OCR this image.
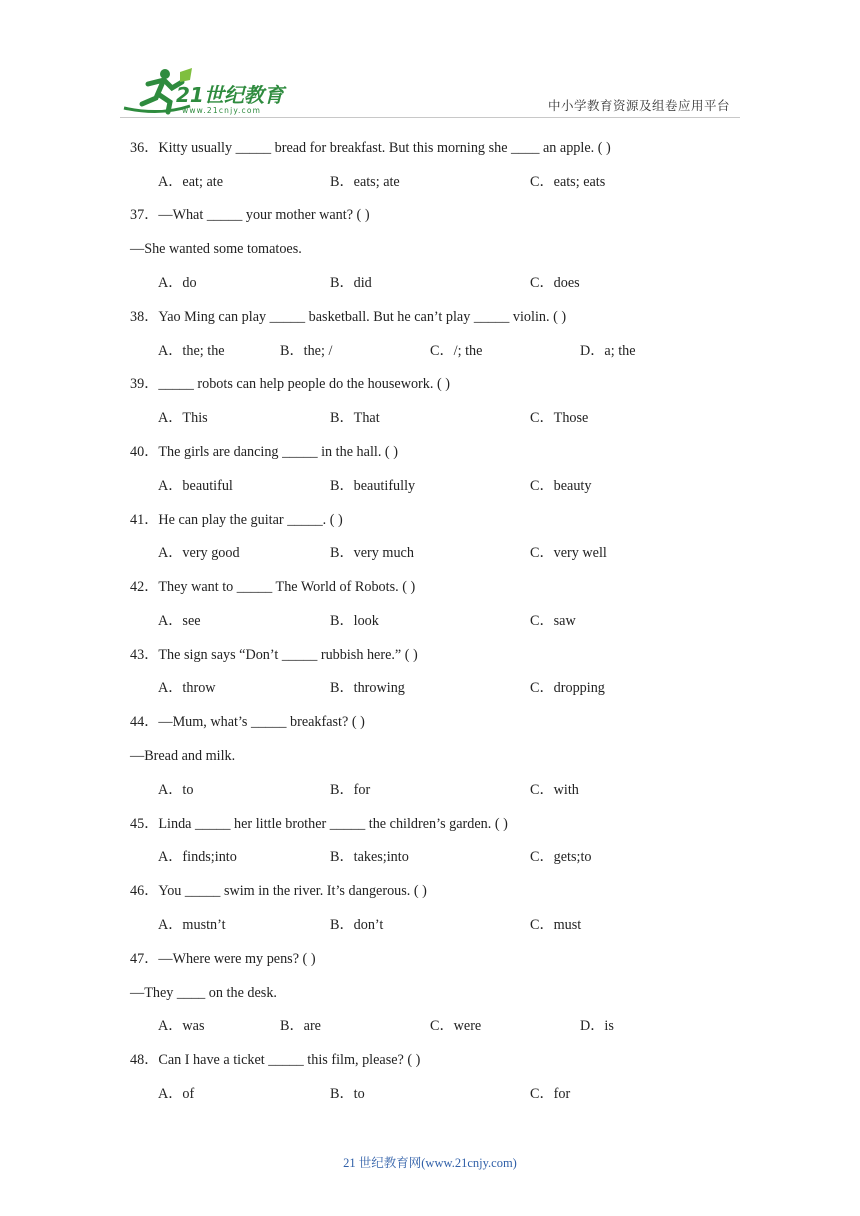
21世纪教育
www.21cnjy.com	中小学教育资源及组卷应用平台
36．Kitty usually _____ bread for breakfast. But this morning she ____ an apple. ( )
A．eat; ate	B．eats; ate	C．eats; eats
37．—What _____ your mother want? ( )
—She wanted some tomatoes.
A．do	B．did	C．does
38．Yao Ming can play _____ basketball. But he can’t play _____ violin. ( )
A．the; the	B．the; /	C．/; the	D．a; the
39．_____ robots can help people do the housework. ( )
A．This	B．That	C．Those
40．The girls are dancing _____ in the hall. ( )
A．beautiful	B．beautifully	C．beauty
41．He can play the guitar _____. ( )
A．very good	B．very much	C．very well
42．They want to _____ The World of Robots. ( )
A．see	B．look	C．saw
43．The sign says “Don’t _____ rubbish here.” ( )
A．throw	B．throwing	C．dropping
44．—Mum, what’s _____ breakfast? ( )
—Bread and milk.
A．to	B．for	C．with
45．Linda _____ her little brother _____ the children’s garden. ( )
A．finds;into	B．takes;into	C．gets;to
46．You _____ swim in the river. It’s dangerous. ( )
A．mustn’t	B．don’t	C．must
47．—Where were my pens? ( )
—They ____ on the desk.
A．was	B．are	C．were	D．is
48．Can I have a ticket _____ this film, please? ( )
A．of	B．to	C．for
21 世纪教育网(www.21cnjy.com)
